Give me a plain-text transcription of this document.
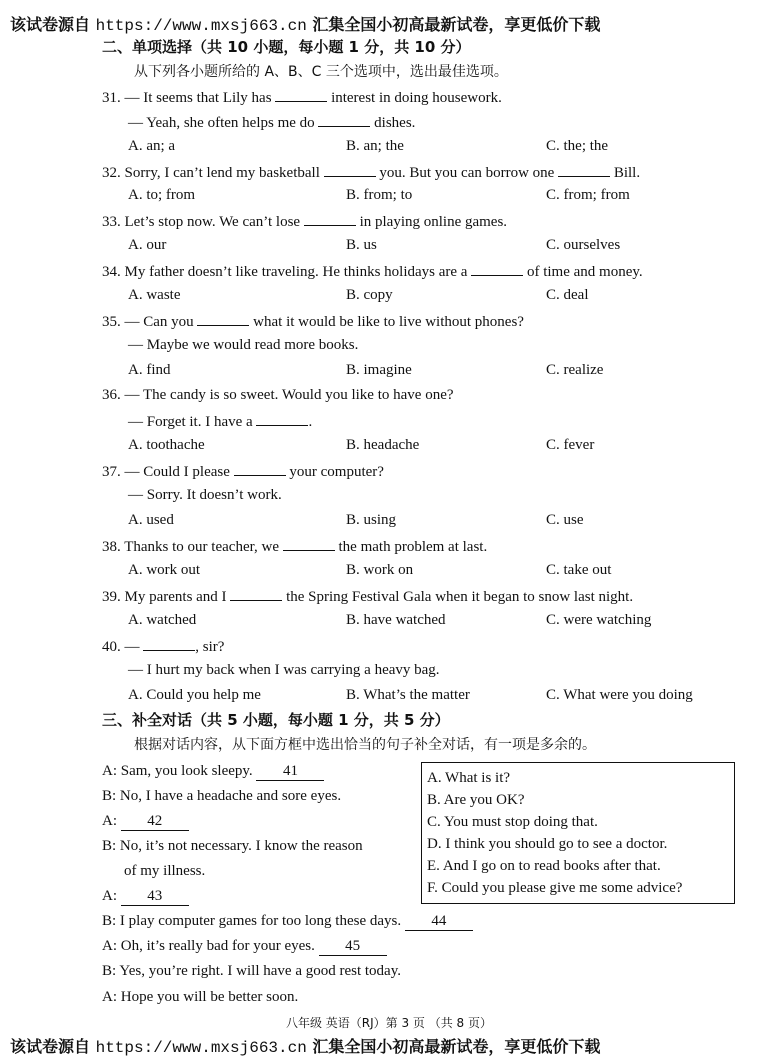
该试卷源自 https://www.mxsj663.cn 汇集全国小初高最新试卷，享更低价下载
二、单项选择（共 10 小题，每小题 1 分，共 10 分）
从下列各小题所给的 A、B、C 三个选项中，选出最佳选项。
31. — It seems that Lily has	interest in doing housework.
— Yeah, she often helps me do	dishes.
A. an; a	B. an; the	C. the; the
32. Sorry, I can’t lend my basketball	you. But you can borrow one	Bill.
A. to; from	B. from; to	C. from; from
33. Let’s stop now. We can’t lose	in playing online games.
A. our	B. us	C. ourselves
34. My father doesn’t like traveling. He thinks holidays are a	of time and money.
A. waste	B. copy	C. deal
35. — Can you	what it would be like to live without phones?
— Maybe we would read more books.
A. find	B. imagine	C. realize
36. — The candy is so sweet. Would you like to have one?
— Forget it. I have a	.
A. toothache	B. headache	C. fever
37. — Could I please	your computer?
— Sorry. It doesn’t work.
A. used	B. using	C. use
38. Thanks to our teacher, we	the math problem at last.
A. work out	B. work on	C. take out
39. My parents and I	the Spring Festival Gala when it began to snow last night.
A. watched	B. have watched	C. were watching
40. —	, sir?
— I hurt my back when I was carrying a heavy bag.
A. Could you help me	B. What’s the matter	C. What were you doing
三、补全对话（共 5 小题，每小题 1 分，共 5 分）
根据对话内容，从下面方框中选出恰当的句子补全对话，有一项是多余的。
A: Sam, you look sleepy. 41
B: No, I have a headache and sore eyes.
A: 42
B: No, it’s not necessary. I know the reason
of my illness.
A: 43
B: I play computer games for too long these days. 44
A: Oh, it’s really bad for your eyes. 45
B: Yes, you’re right. I will have a good rest today.
A: Hope you will be better soon.
A. What is it?
B. Are you OK?
C. You must stop doing that.
D. I think you should go to see a doctor.
E. And I go on to read books after that.
F. Could you please give me some advice?
八年级 英语（RJ）第 3 页 （共 8 页）
该试卷源自 https://www.mxsj663.cn 汇集全国小初高最新试卷，享更低价下载
